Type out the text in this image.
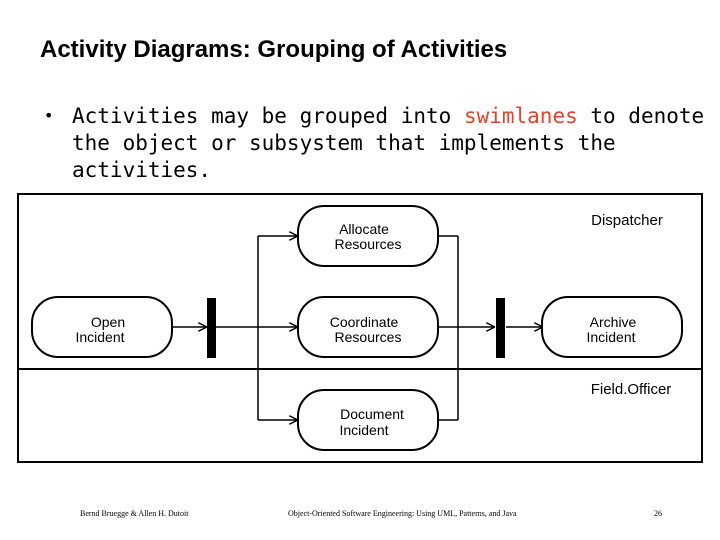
Activity Diagrams: Grouping of Activities
• Activities may be grouped into swimlanes to denote the object or subsystem that implements the activities.
Dispatcher
Field.Officer
Allocate
Resources
Open
Incident
Coordinate
Resources
Archive
Incident
Document
Incident
Bernd Bruegge & Allen H. Dutoit	Object-Oriented Software Engineering: Using UML, Patterns, and Java	26
